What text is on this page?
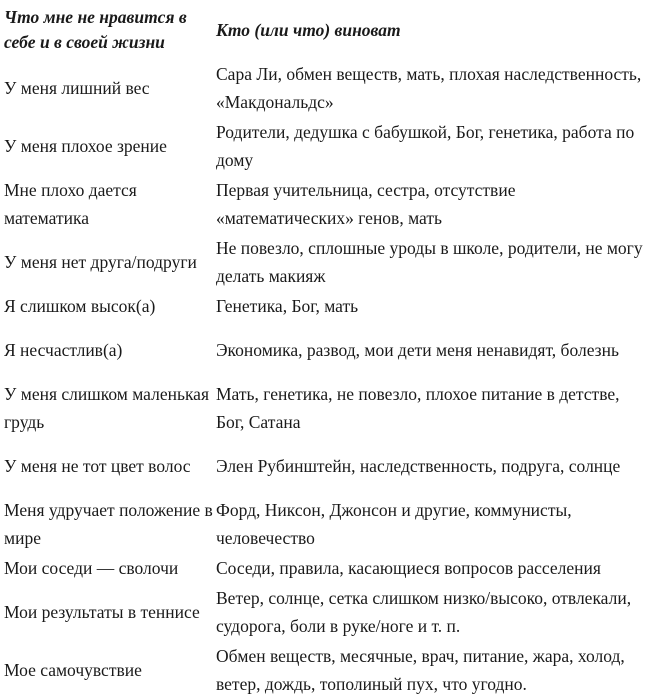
Что мне не нравится в себе и в своей жизни	Кто (или что) виноват
У меня лишний вес	Сара Ли, обмен веществ, мать, плохая наследственность, «Макдональдс»
У меня плохое зрение	Родители, дедушка с бабушкой, Бог, генетика, работа по дому
Мне плохо дается математика	Первая учительница, сестра, отсутствие «математических» генов, мать
У меня нет друга/подруги	Не повезло, сплошные уроды в школе, родители, не могу делать макияж
Я слишком высок(а)	Генетика, Бог, мать
Я несчастлив(а)	Экономика, развод, мои дети меня ненавидят, болезнь
У меня слишком маленькая грудь	Мать, генетика, не повезло, плохое питание в детстве, Бог, Сатана
У меня не тот цвет волос	Элен Рубинштейн, наследственность, подруга, солнце
Меня удручает положение в мире	Форд, Никсон, Джонсон и другие, коммунисты, человечество
Мои соседи — сволочи	Соседи, правила, касающиеся вопросов расселения
Мои результаты в теннисе	Ветер, солнце, сетка слишком низко/высоко, отвлекали, судорога, боли в руке/ноге и т. п.
Мое самочувствие	Обмен веществ, месячные, врач, питание, жара, холод, ветер, дождь, тополиный пух, что угодно.
